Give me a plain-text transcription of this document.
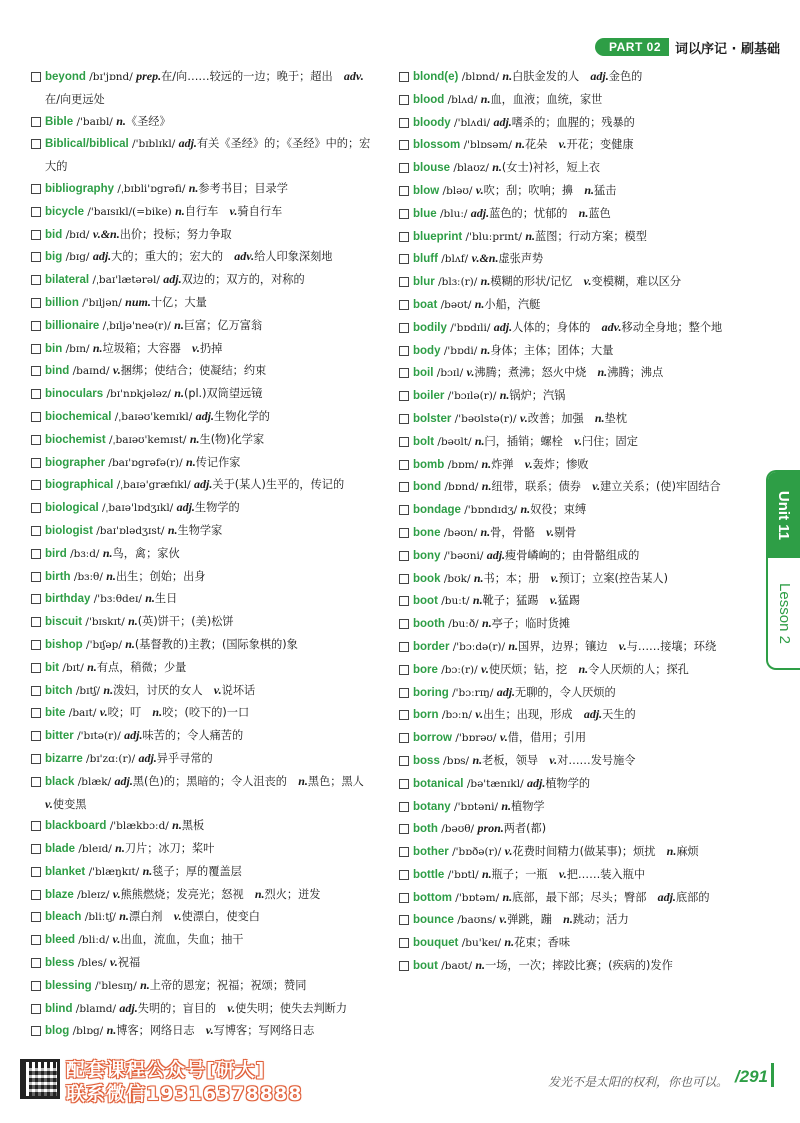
PART 02	词以序记 · 刷基础
beyond /bɪ'jɒnd/ prep.在/向……较远的一边；晚于；超出　adv.在/向更远处
Bible /'baɪbl/ n.《圣经》
Biblical/biblical /'bɪblɪkl/ adj.有关《圣经》的；《圣经》中的；宏大的
bibliography /ˌbɪbli'ɒgrəfi/ n.参考书目；目录学
bicycle /'baɪsɪkl/(=bike) n.自行车　v.骑自行车
bid /bɪd/ v.&n.出价；投标；努力争取
big /bɪg/ adj.大的；重大的；宏大的　adv.给人印象深刻地
bilateral /ˌbaɪ'lætərəl/ adj.双边的；双方的，对称的
billion /'bɪljən/ num.十亿；大量
billionaire /ˌbɪljə'neə(r)/ n.巨富；亿万富翁
bin /bɪn/ n.垃圾箱；大容器　v.扔掉
bind /baɪnd/ v.捆绑；使结合；使凝结；约束
binoculars /bɪ'nɒkjələz/ n.(pl.)双筒望远镜
biochemical /ˌbaɪəʊ'kemɪkl/ adj.生物化学的
biochemist /ˌbaɪəʊ'kemɪst/ n.生(物)化学家
biographer /baɪ'ɒgrəfə(r)/ n.传记作家
biographical /ˌbaɪə'græfɪkl/ adj.关于(某人)生平的，传记的
biological /ˌbaɪə'lɒdʒɪkl/ adj.生物学的
biologist /baɪ'ɒlədʒɪst/ n.生物学家
bird /bɜːd/ n.鸟，禽；家伙
birth /bɜːθ/ n.出生；创始；出身
birthday /'bɜːθdeɪ/ n.生日
biscuit /'bɪskɪt/ n.(英)饼干；(美)松饼
bishop /'bɪʃəp/ n.(基督教的)主教；(国际象棋的)象
bit /bɪt/ n.有点，稍微；少量
bitch /bɪtʃ/ n.泼妇，讨厌的女人　v.说坏话
bite /baɪt/ v.咬；叮　n.咬；(咬下的)一口
bitter /'bɪtə(r)/ adj.味苦的；令人痛苦的
bizarre /bɪ'zɑː(r)/ adj.异乎寻常的
black /blæk/ adj.黑(色)的；黑暗的；令人沮丧的　n.黑色；黑人　v.使变黑
blackboard /'blækbɔːd/ n.黑板
blade /bleɪd/ n.刀片；冰刀；桨叶
blanket /'blæŋkɪt/ n.毯子；厚的覆盖层
blaze /bleɪz/ v.熊熊燃烧；发亮光；怒视　n.烈火；迸发
bleach /bliːtʃ/ n.漂白剂　v.使漂白，使变白
bleed /bliːd/ v.出血，流血，失血；抽干
bless /bles/ v.祝福
blessing /'blesɪŋ/ n.上帝的恩宠；祝福；祝颂；赞同
blind /blaɪnd/ adj.失明的；盲目的　v.使失明；使失去判断力
blog /blɒg/ n.博客；网络日志　v.写博客；写网络日志
blond(e) /blɒnd/ n.白肤金发的人　adj.金色的
blood /blʌd/ n.血，血液；血统，家世
bloody /'blʌdi/ adj.嗜杀的；血腥的；残暴的
blossom /'blɒsəm/ n.花朵　v.开花；变健康
blouse /blaʊz/ n.(女士)衬衫，短上衣
blow /bləʊ/ v.吹；刮；吹响；擤　n.猛击
blue /bluː/ adj.蓝色的；忧郁的　n.蓝色
blueprint /'bluːprɪnt/ n.蓝图；行动方案；模型
bluff /blʌf/ v.&n.虚张声势
blur /blɜː(r)/ n.模糊的形状/记忆　v.变模糊，难以区分
boat /bəʊt/ n.小船，汽艇
bodily /'bɒdɪli/ adj.人体的；身体的　adv.移动全身地；整个地
body /'bɒdi/ n.身体；主体；团体；大量
boil /bɔɪl/ v.沸腾；煮沸；怒火中烧　n.沸腾；沸点
boiler /'bɔɪlə(r)/ n.锅炉；汽锅
bolster /'bəʊlstə(r)/ v.改善；加强　n.垫枕
bolt /bəʊlt/ n.闩，插销；螺栓　v.闩住；固定
bomb /bɒm/ n.炸弹　v.轰炸；惨败
bond /bɒnd/ n.纽带，联系；债券　v.建立关系；(使)牢固结合
bondage /'bɒndɪdʒ/ n.奴役；束缚
bone /bəʊn/ n.骨，骨骼　v.剔骨
bony /'bəʊni/ adj.瘦骨嶙峋的；由骨骼组成的
book /bʊk/ n.书；本；册　v.预订；立案(控告某人)
boot /buːt/ n.靴子；猛踢　v.猛踢
booth /buːð/ n.亭子；临时货摊
border /'bɔːdə(r)/ n.国界，边界；镶边　v.与……接壤；环绕
bore /bɔː(r)/ v.使厌烦；钻，挖　n.令人厌烦的人；探孔
boring /'bɔːrɪŋ/ adj.无聊的，令人厌烦的
born /bɔːn/ v.出生；出现，形成　adj.天生的
borrow /'bɒrəʊ/ v.借，借用；引用
boss /bɒs/ n.老板，领导　v.对……发号施令
botanical /bə'tænɪkl/ adj.植物学的
botany /'bɒtəni/ n.植物学
both /bəʊθ/ pron.两者(都)
bother /'bɒðə(r)/ v.花费时间精力(做某事)；烦扰　n.麻烦
bottle /'bɒtl/ n.瓶子；一瓶　v.把……装入瓶中
bottom /'bɒtəm/ n.底部，最下部；尽头；臀部　adj.底部的
bounce /baʊns/ v.弹跳，蹦　n.跳动；活力
bouquet /bu'keɪ/ n.花束；香味
bout /baʊt/ n.一场，一次；摔跤比赛；(疾病的)发作
Unit 11
Lesson 2
配套课程公众号[研大]
联系微信19316378888
发光不是太阳的权利，你也可以。 /291
